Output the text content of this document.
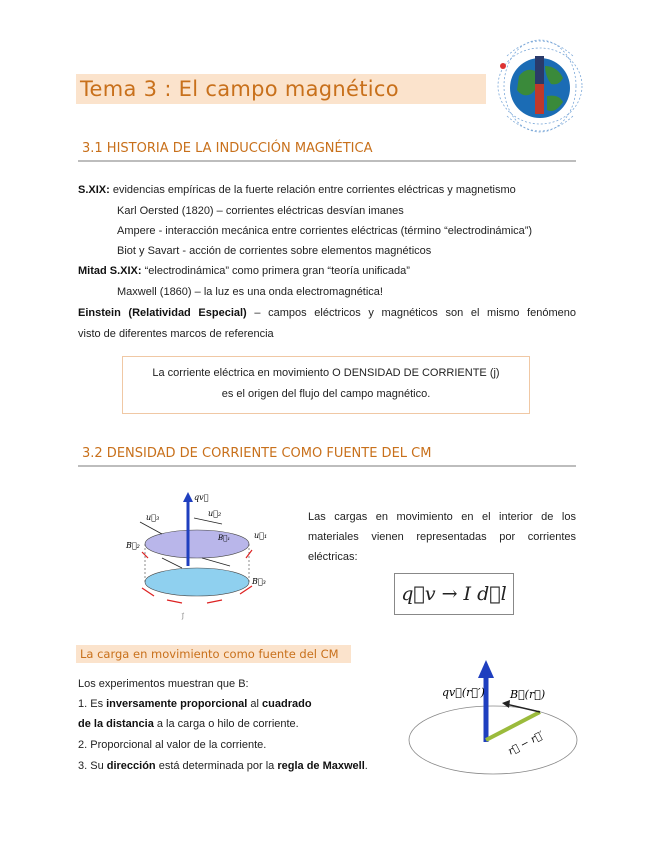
Tema 3 : El campo magnético
3.1 HISTORIA DE LA INDUCCIÓN MAGNÉTICA
S.XIX: evidencias empíricas de la fuerte relación entre corrientes eléctricas y magnetismo
Karl Oersted (1820) – corrientes eléctricas desvían imanes
Ampere - interacción mecánica entre corrientes eléctricas (término “electrodinámica”)
Biot y Savart - acción de corrientes sobre elementos magnéticos
Mitad S.XIX: “electrodinámica” como primera gran “teoría unificada”
Maxwell (1860) – la luz es una onda electromagnética!
Einstein (Relatividad Especial) – campos eléctricos y magnéticos son el mismo fenómeno
visto de diferentes marcos de referencia
La corriente eléctrica en movimiento O DENSIDAD DE CORRIENTE (j)
es el origen del flujo del campo magnético.
3.2 DENSIDAD DE CORRIENTE COMO FUENTE DEL CM
qv⃗
u⃗₃	u⃗₂
u⃗₁
B⃗₂
B⃗₁
B⃗₃
J⃗
Las cargas en movimiento en el interior de los
materiales vienen representadas por corrientes
eléctricas:
q⃗v → I d⃗l
La carga en movimiento como fuente del CM
Los experimentos muestran que B:
1. Es inversamente proporcional al cuadrado
de la distancia a la carga o hilo de corriente.
2. Proporcional al valor de la corriente.
3. Su dirección está determinada por la regla de Maxwell.
qv⃗(r⃗′) B⃗(r⃗)
r⃗ − r⃗′
